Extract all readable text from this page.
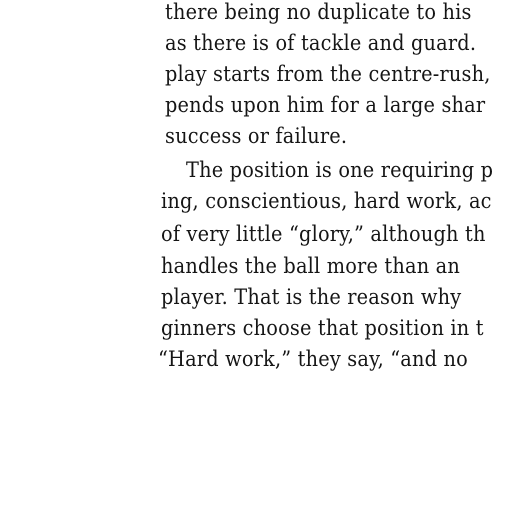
there being no duplicate to his
as there is of tackle and guard.
play starts from the centre-rush,
pends upon him for a large shar
success or failure.
The position is one requiring p
ing, conscientious, hard work, ac
of very little “glory,” although th
handles the ball more than an
player. That is the reason why
ginners choose that position in t
“Hard work,” they say, “and no
